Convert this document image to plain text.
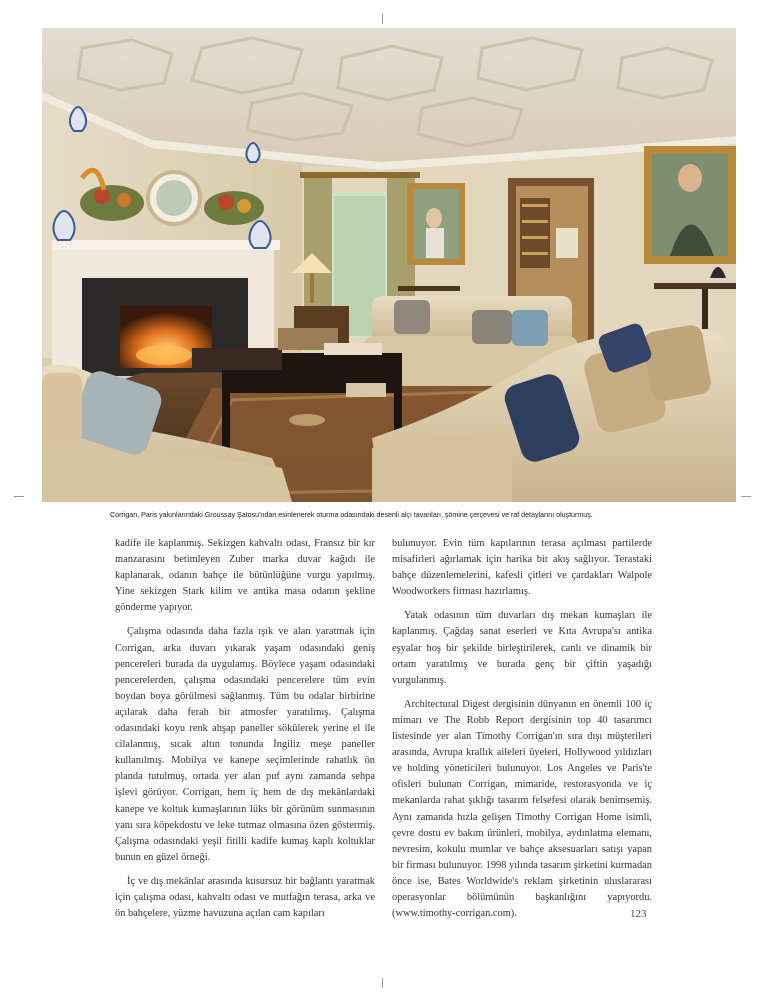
Corrigan, Paris yakınlarındaki Groussay Şatosu'ndan esinlenerek oturma odasındaki desenli alçı tavanları, şömine çerçevesi ve raf detaylarını oluşturmuş.

kadife ile kaplanmış. Sekizgen kahvaltı odası, Fransız bir kır manzarasını betimleyen Zuber marka duvar kağıdı ile kaplanarak, odanın bahçe ile bütünlüğüne vurgu yapılmış. Yine sekizgen Stark kilim ve antika masa odanın şekline gönderme yapıyor.

Çalışma odasında daha fazla ışık ve alan yaratmak için Corrigan, arka duvarı yıkarak yaşam odasındaki geniş pencereleri burada da uygulamış. Böylece yaşam odasındaki pencerelerden, çalışma odasındaki pencerelere tüm evin boydan boya görülmesi sağlanmış. Tüm bu odalar birbirine açılarak daha ferah bir atmosfer yaratılmış. Çalışma odasındaki koyu renk ahşap paneller sökülerek yerine el ile cilalanmış, sıcak altın tonunda İngiliz meşe paneller kullanılmış. Mobilya ve kanepe seçimlerinde rahatlık ön planda tutulmuş, ortada yer alan puf aynı zamanda sehpa işlevi görüyor. Corrigan, hem iç hem de dış mekânlardaki kanepe ve koltuk kumaşlarının lüks bir görünüm sunmasının yanı sıra köpekdostu ve leke tutmaz olmasına özen göstermiş. Çalışma odasındaki yeşil fitilli kadife kumaş kaplı koltuklar bunun en güzel örneği.

İç ve dış mekânlar arasında kusursuz bir bağlantı yaratmak için çalışma odası, kahvaltı odası ve mutfağın terasa, arka ve ön bahçelere, yüzme havuzuna açılan cam kapıları

bulunuyor. Evin tüm kapılarının terasa açılması partilerde misafirleri ağırlamak için harika bir akış sağlıyor. Terastaki bahçe düzenlemelerini, kafesli çitleri ve çardakları Walpole Woodworkers firması hazırlamış.

Yatak odasının tüm duvarları dış mekan kumaşları ile kaplanmış. Çağdaş sanat eserleri ve Kıta Avrupa'sı antika eşyalar hoş bir şekilde birleştirilerek, canlı ve dinamik bir ortam yaratılmış ve burada genç bir çiftin yaşadığı vurgulanmış.

Architectural Digest dergisinin dünyanın en önemli 100 iç mimarı ve The Robb Report dergisinin top 40 tasarımcı listesinde yer alan Timothy Corrigan'ın sıra dışı müşterileri arasında, Avrupa krallık aileleri üyeleri, Hollywood yıldızları ve holding yöneticileri bulunuyor. Los Angeles ve Paris'te ofisleri bulunan Corrigan, mimaride, restorasyonda ve iç mekanlarda rahat şıklığı tasarım felsefesi olarak benimsemiş. Aynı zamanda hızla gelişen Timothy Corrigan Home isimli, çevre dostu ev bakım ürünleri, mobilya, aydınlatma elemanı, nevresim, kokulu mumlar ve bahçe aksesuarları satışı yapan bir firması bulunuyor. 1998 yılında tasarım şirketini kurmadan önce ise, Bates Worldwide's reklam şirketinin uluslararası operasyonlar bölümünün başkanlığını yapıyordu. (www.timothy-corrigan.com).	123
